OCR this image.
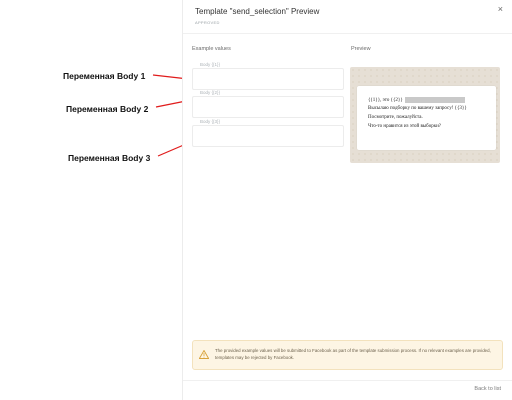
Переменная Body 1
Переменная Body 2
Переменная Body 3
Template "send_selection" Preview
APPROVED
×
Example values	Preview
Body {{1}}
Body {{2}}
Body {{3}}
{{1}}, это {{2}}
Высылаю подборку по вашему запросу! {{3}}
Посмотрите, пожалуйста.
Что-то нравится из этой выборки?
The provided example values will be submitted to Facebook as part of the template submission process. If no relevant examples are provided, templates may be rejected by Facebook.
Back to list
